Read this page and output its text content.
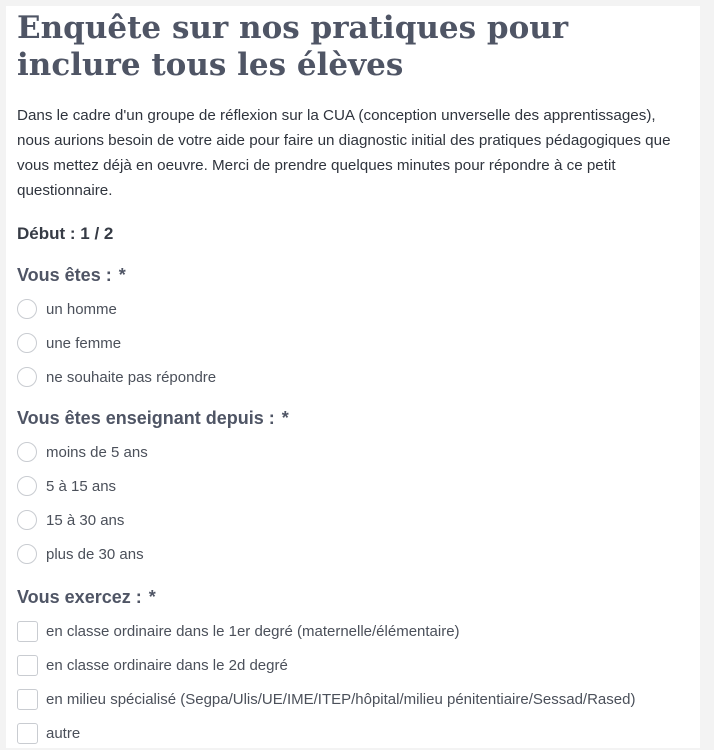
Enquête sur nos pratiques pour inclure tous les élèves

Dans le cadre d'un groupe de réflexion sur la CUA (conception unverselle des apprentissages), nous aurions besoin de votre aide pour faire un diagnostic initial des pratiques pédagogiques que vous mettez déjà en oeuvre. Merci de prendre quelques minutes pour répondre à ce petit questionnaire.

Début : 1 / 2
Vous êtes : *
un homme
une femme
ne souhaite pas répondre
Vous êtes enseignant depuis : *
moins de 5 ans
5 à 15 ans
15 à 30 ans
plus de 30 ans
Vous exercez : *
en classe ordinaire dans le 1er degré (maternelle/élémentaire)
en classe ordinaire dans le 2d degré
en milieu spécialisé (Segpa/Ulis/UE/IME/ITEP/hôpital/milieu pénitentiaire/Sessad/Rased)
autre
